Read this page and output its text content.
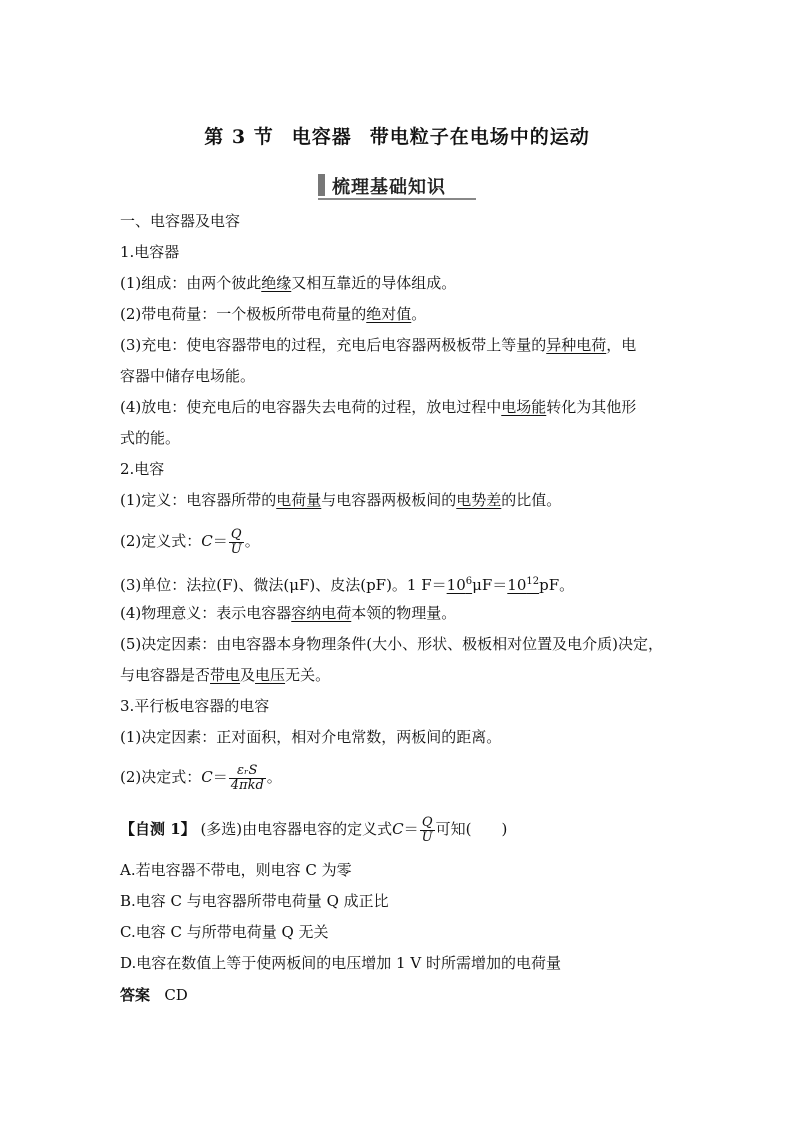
第 3 节 电容器 带电粒子在电场中的运动
梳理基础知识
一、电容器及电容
1.电容器
(1)组成：由两个彼此绝缘又相互靠近的导体组成。
(2)带电荷量：一个极板所带电荷量的绝对值。
(3)充电：使电容器带电的过程，充电后电容器两极板带上等量的异种电荷，电
容器中储存电场能。
(4)放电：使充电后的电容器失去电荷的过程，放电过程中电场能转化为其他形
式的能。
2.电容
(1)定义：电容器所带的电荷量与电容器两极板间的电势差的比值。
(2)定义式：$C= \frac{Q}{U}$ 。
(3)单位：法拉(F)、微法(μF)、皮法(pF)。1 $F=10^6\mu F=10^{12}pF$。
(4)物理意义：表示电容器容纳电荷本领的物理量。
(5)决定因素：由电容器本身物理条件(大小、形状、极板相对位置及电介质)决定，
与电容器是否带电及电压无关。
3.平行板电容器的电容
(1)决定因素：正对面积，相对介电常数，两板间的距离。
(2)决定式：$C= \frac{\text{εᵣS}}{\text{4πkd}}$ 。
【自测 1】 (多选)由电容器电容的定义式$C= \frac{Q}{U}$ 可知(　　)
A.若电容器不带电，则电容 C 为零
B.电容 C 与电容器所带电荷量 Q 成正比
C.电容 C 与所带电荷量 Q 无关
D.电容在数值上等于使两板间的电压增加 1 V 时所需增加的电荷量
答案 CD
